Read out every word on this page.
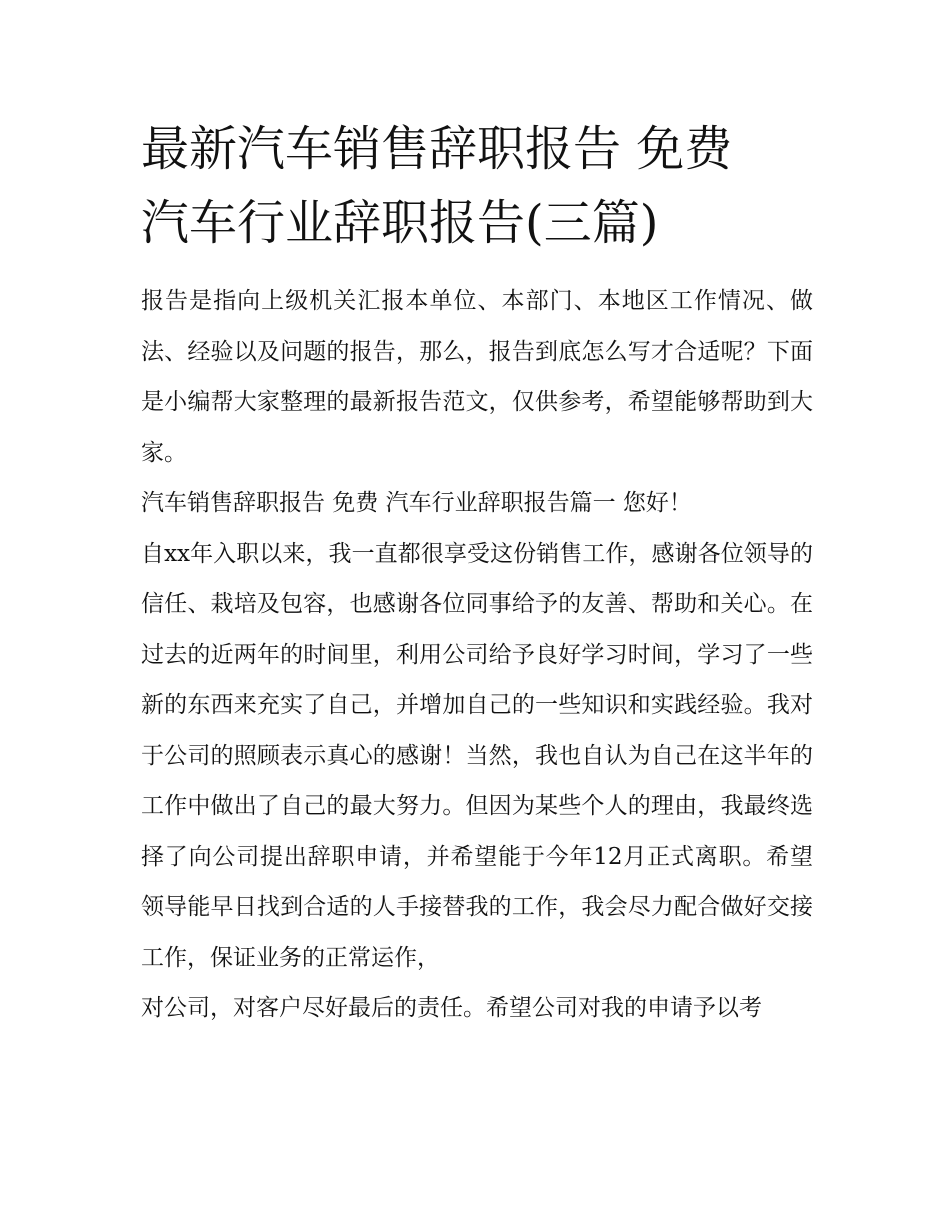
最新汽车销售辞职报告 免费
汽车行业辞职报告(三篇)

报告是指向上级机关汇报本单位、本部门、本地区工作情况、做法、经验以及问题的报告，那么，报告到底怎么写才合适呢？下面是小编帮大家整理的最新报告范文，仅供参考，希望能够帮助到大家。

汽车销售辞职报告 免费 汽车行业辞职报告篇一 您好！

自xx年入职以来，我一直都很享受这份销售工作，感谢各位领导的信任、栽培及包容，也感谢各位同事给予的友善、帮助和关心。在过去的近两年的时间里，利用公司给予良好学习时间，学习了一些新的东西来充实了自己，并增加自己的一些知识和实践经验。我对于公司的照顾表示真心的感谢！当然，我也自认为自己在这半年的工作中做出了自己的最大努力。但因为某些个人的理由，我最终选择了向公司提出辞职申请，并希望能于今年12月正式离职。希望领导能早日找到合适的人手接替我的工作，我会尽力配合做好交接工作，保证业务的正常运作，

对公司，对客户尽好最后的责任。希望公司对我的申请予以考
